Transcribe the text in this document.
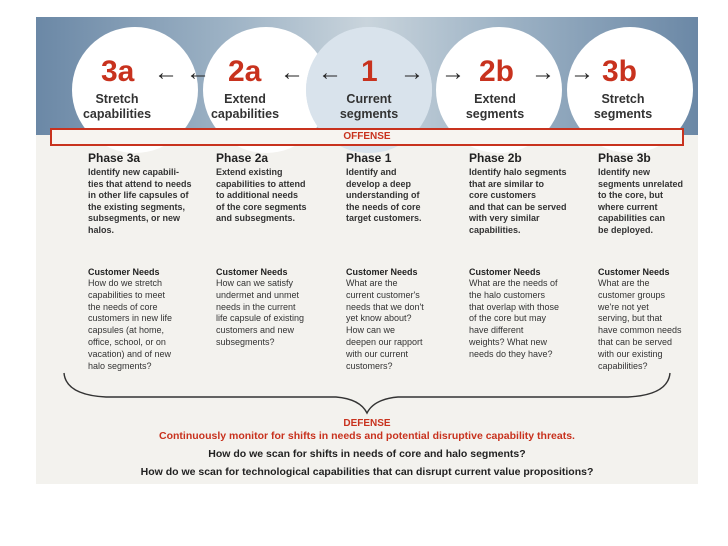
3a	2a	1	2b	3b
← ←	← ← → →	→ →
Stretch
capabilities
Extend
capabilities
Current
segments
Extend
segments
Stretch
segments
OFFENSE
Phase 3a
Identify new capabili-
ties that attend to needs
in other life capsules of
the existing segments,
subsegments, or new
halos.
Phase 2a
Extend existing
capabilities to attend
to additional needs
of the core segments
and subsegments.
Phase 1
Identify and
develop a deep
understanding of
the needs of core
target customers.
Phase 2b
Identify halo segments
that are similar to
core customers
and that can be served
with very similar
capabilities.
Phase 3b
Identify new
segments unrelated
to the core, but
where current
capabilities can
be deployed.
Customer Needs
How do we stretch
capabilities to meet
the needs of core
customers in new life
capsules (at home,
office, school, or on
vacation) and of new
halo segments?
Customer Needs
How can we satisfy
undermet and unmet
needs in the current
life capsule of existing
customers and new
subsegments?
Customer Needs
What are the
current customer's
needs that we don't
yet know about?
How can we
deepen our rapport
with our current
customers?
Customer Needs
What are the needs of
the halo customers
that overlap with those
of the core but may
have different
weights? What new
needs do they have?
Customer Needs
What are the
customer groups
we're not yet
serving, but that
have common needs
that can be served
with our existing
capabilities?
DEFENSE
Continuously monitor for shifts in needs and potential disruptive capability threats.
How do we scan for shifts in needs of core and halo segments?
How do we scan for technological capabilities that can disrupt current value propositions?
